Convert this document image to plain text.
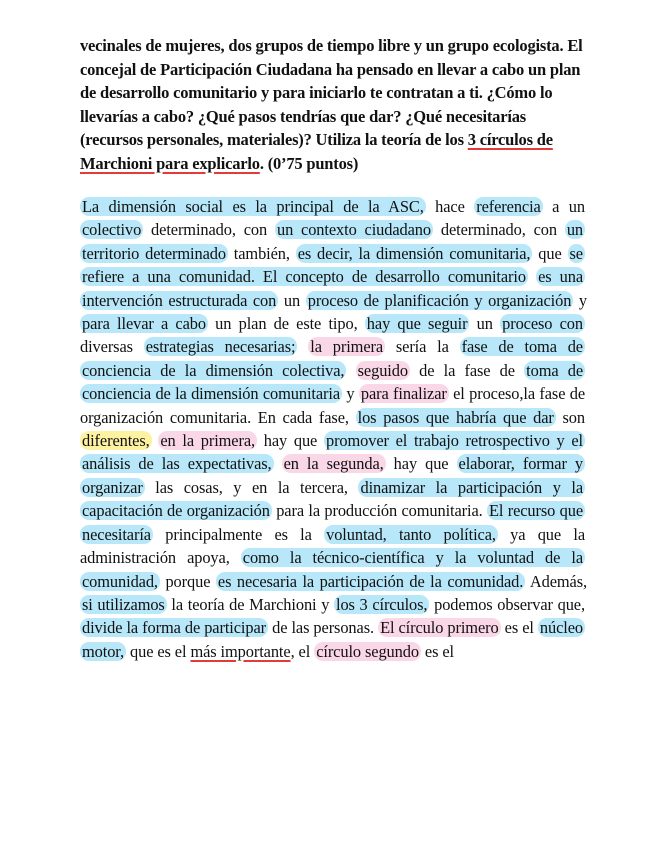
vecinales de mujeres, dos grupos de tiempo libre y un grupo ecologista. El concejal de Participación Ciudadana ha pensado en llevar a cabo un plan de desarrollo comunitario y para iniciarlo te contratan a ti. ¿Cómo lo llevarías a cabo? ¿Qué pasos tendrías que dar? ¿Qué necesitarías (recursos personales, materiales)? Utiliza la teoría de los 3 círculos de Marchioni para explicarlo. (0’75 puntos)

La dimensión social es la principal de la ASC, hace referencia a un colectivo determinado, con un contexto ciudadano determinado, con un territorio determinado también, es decir, la dimensión comunitaria, que se refiere a una comunidad. El concepto de desarrollo comunitario es una intervención estructurada con un proceso de planificación y organización y para llevar a cabo un plan de este tipo, hay que seguir un proceso con diversas estrategias necesarias; la primera sería la fase de toma de conciencia de la dimensión colectiva, seguido de la fase de toma de conciencia de la dimensión comunitaria y para finalizar el proceso,la fase de organización comunitaria. En cada fase, los pasos que habría que dar son diferentes, en la primera, hay que promover el trabajo retrospectivo y el análisis de las expectativas, en la segunda, hay que elaborar, formar y organizar las cosas, y en la tercera, dinamizar la participación y la capacitación de organización para la producción comunitaria. El recurso que necesitaría principalmente es la voluntad, tanto política, ya que la administración apoya, como la técnico-científica y la voluntad de la comunidad, porque es necesaria la participación de la comunidad. Además, si utilizamos la teoría de Marchioni y los 3 círculos, podemos observar que, divide la forma de participar de las personas. El círculo primero es el núcleo motor, que es el más importante, el círculo segundo es el
